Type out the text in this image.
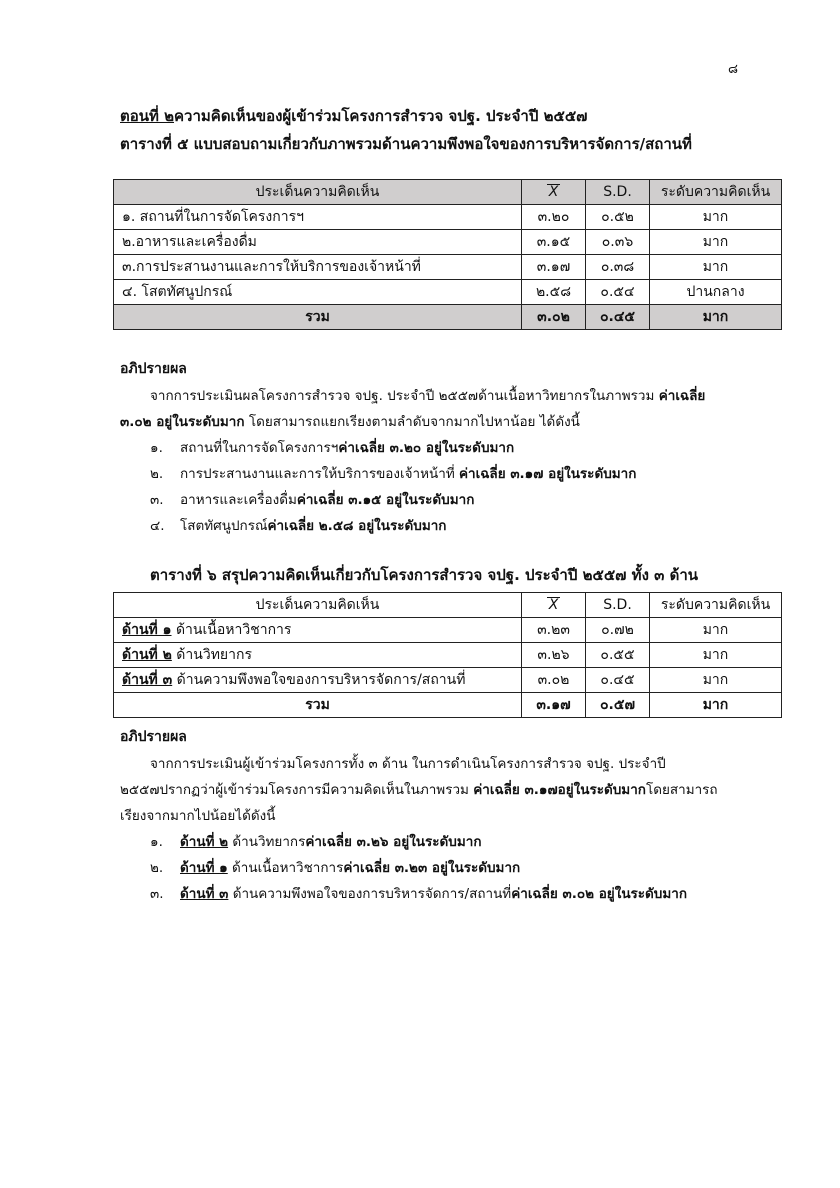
๘
ตอนที่ ๒ความคิดเห็นของผู้เข้าร่วมโครงการสำรวจ จปฐ. ประจำปี ๒๕๕๗
ตารางที่ ๕ แบบสอบถามเกี่ยวกับภาพรวมด้านความพึงพอใจของการบริหารจัดการ/สถานที่
ประเด็นความคิดเห็น	X	S.D.	ระดับความคิดเห็น
๑. สถานที่ในการจัดโครงการฯ	๓.๒๐	๐.๕๒	มาก
๒.อาหารและเครื่องดื่ม	๓.๑๕	๐.๓๖	มาก
๓.การประสานงานและการให้บริการของเจ้าหน้าที่	๓.๑๗	๐.๓๘	มาก
๔. โสตทัศนูปกรณ์	๒.๕๘	๐.๕๔	ปานกลาง
รวม	๓.๐๒	๐.๔๕	มาก
อภิปรายผล
จากการประเมินผลโครงการสำรวจ จปฐ. ประจำปี ๒๕๕๗ด้านเนื้อหาวิทยากรในภาพรวม ค่าเฉลี่ย
๓.๐๒ อยู่ในระดับมาก โดยสามารถแยกเรียงตามลำดับจากมากไปหาน้อย ได้ดังนี้
๑. สถานที่ในการจัดโครงการฯค่าเฉลี่ย ๓.๒๐ อยู่ในระดับมาก
๒. การประสานงานและการให้บริการของเจ้าหน้าที่ ค่าเฉลี่ย ๓.๑๗ อยู่ในระดับมาก
๓. อาหารและเครื่องดื่มค่าเฉลี่ย ๓.๑๕ อยู่ในระดับมาก
๔. โสตทัศนูปกรณ์ค่าเฉลี่ย ๒.๕๘ อยู่ในระดับมาก
ตารางที่ ๖ สรุปความคิดเห็นเกี่ยวกับโครงการสำรวจ จปฐ. ประจำปี ๒๕๕๗ ทั้ง ๓ ด้าน
ประเด็นความคิดเห็น	X	S.D.	ระดับความคิดเห็น
ด้านที่ ๑ ด้านเนื้อหาวิชาการ	๓.๒๓	๐.๗๒	มาก
ด้านที่ ๒ ด้านวิทยากร	๓.๒๖	๐.๕๕	มาก
ด้านที่ ๓ ด้านความพึงพอใจของการบริหารจัดการ/สถานที่	๓.๐๒	๐.๔๕	มาก
รวม	๓.๑๗	๐.๕๗	มาก
อภิปรายผล
จากการประเมินผู้เข้าร่วมโครงการทั้ง ๓ ด้าน ในการดำเนินโครงการสำรวจ จปฐ. ประจำปี
๒๕๕๗ปรากฏว่าผู้เข้าร่วมโครงการมีความคิดเห็นในภาพรวม ค่าเฉลี่ย ๓.๑๗อยู่ในระดับมากโดยสามารถ
เรียงจากมากไปน้อยได้ดังนี้
๑. ด้านที่ ๒ ด้านวิทยากรค่าเฉลี่ย ๓.๒๖ อยู่ในระดับมาก
๒. ด้านที่ ๑ ด้านเนื้อหาวิชาการค่าเฉลี่ย ๓.๒๓ อยู่ในระดับมาก
๓. ด้านที่ ๓ ด้านความพึงพอใจของการบริหารจัดการ/สถานที่ค่าเฉลี่ย ๓.๐๒ อยู่ในระดับมาก
